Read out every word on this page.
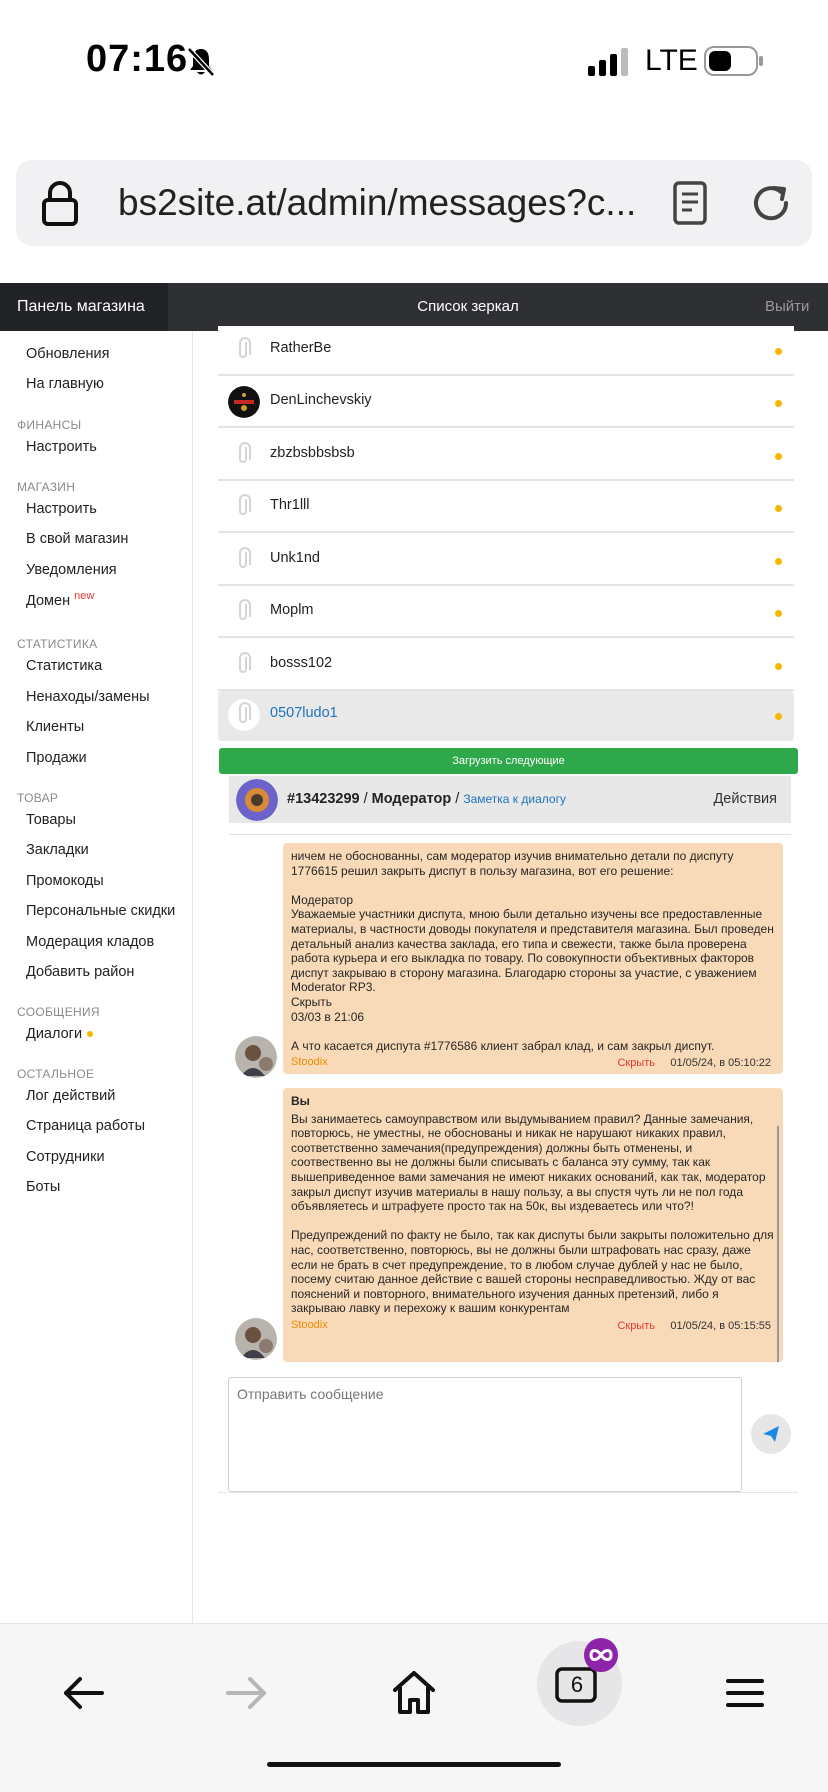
07:16	LTE
bs2site.at/admin/messages?c...
Панель магазина	Список зеркал	Выйти
Обновления
На главную
ФИНАНСЫ
Настроить
МАГАЗИН
Настроить
В свой магазин
Уведомления
Домен $^{new}$
СТАТИСТИКА
Статистика
Ненаходы/замены
Клиенты
Продажи
ТОВАР
Товары
Закладки
Промокоды
Персональные скидки
Модерация кладов
Добавить район
СООБЩЕНИЯ
Диалоги
ОСТАЛЬНОЕ
Лог действий
Страница работы
Сотрудники
Боты
RatherBe
DenLinchevskiy
zbzbsbbsbsb
Thr1lll
Unk1nd
Moplm
bosss102
0507ludo1
Загрузить следующие
#13423299 / Модератор / Заметка к диалогу	Действия

ничем не обоснованны, сам модератор изучив внимательно детали по диспуту 1776615 решил закрыть диспут в пользу магазина, вот его решение:

Модератор
Уважаемые участники диспута, мною были детально изучены все предоставленные материалы, в частности доводы покупателя и представителя магазина. Был проведен детальный анализ качества заклада, его типа и свежести, также была проверена работа курьера и его выкладка по товару. По совокупности объективных факторов диспут закрываю в сторону магазина. Благодарю стороны за участие, с уважением Moderator RP3.
Скрыть
03/03 в 21:06

А что касается диспута #1776586 клиент забрал клад, и сам закрыл диспут.

Stoodix	Скрыть 01/05/24, в 05:10:22

Вы

Вы занимаетесь самоуправством или выдумыванием правил? Данные замечания, повторюсь, не уместны, не обоснованы и никак не нарушают никаких правил, соответственно замечания(предупреждения) должны быть отменены, и соотвественно вы не должны были списывать с баланса эту сумму, так как вышеприведенное вами замечания не имеют никаких оснований, как так, модератор закрыл диспут изучив материалы в нашу пользу, а вы спустя чуть ли не пол года объявляетесь и штрафуете просто так на 50к, вы издеваетесь или что?!

Предупреждений по факту не было, так как диспуты были закрыты положительно для нас, соответственно, повторюсь, вы не должны были штрафовать нас сразу, даже если не брать в счет предупреждение, то в любом случае дублей у нас не было, посему считаю данное действие с вашей стороны несправедливостью. Жду от вас пояснений и повторного, внимательного изучения данных претензий, либо я закрываю лавку и перехожу к вашим конкурентам

Stoodix	Скрыть 01/05/24, в 05:15:55
Отправить сообщение
6
